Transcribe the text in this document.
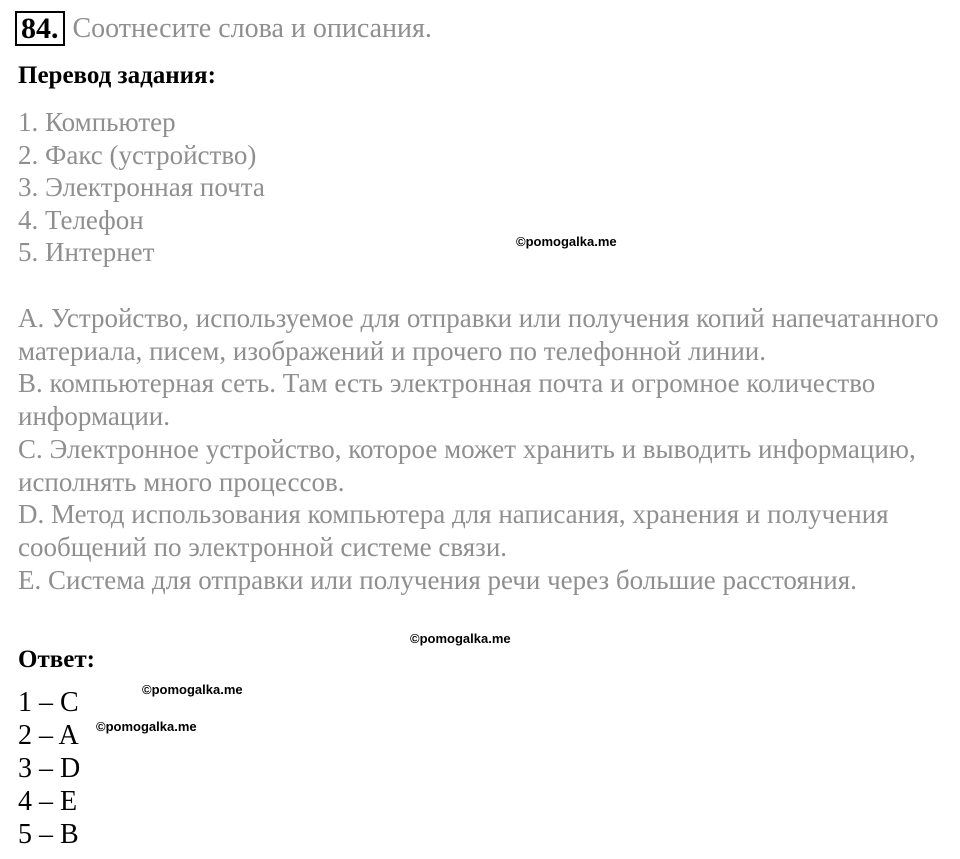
84. Соотнесите слова и описания.
Перевод задания:
1. Компьютер
2. Факс (устройство)
3. Электронная почта
4. Телефон
5. Интернет

A. Устройство, используемое для отправки или получения копий напечатанного материала, писем, изображений и прочего по телефонной линии.

B. компьютерная сеть. Там есть электронная почта и огромное количество информации.

C. Электронное устройство, которое может хранить и выводить информацию, исполнять много процессов.

D. Метод использования компьютера для написания, хранения и получения сообщений по электронной системе связи.

E. Система для отправки или получения речи через большие расстояния.

Ответ:
1 – C
2 – A
3 – D
4 – E
5 – B
©pomogalka.me
©pomogalka.me
©pomogalka.me
©pomogalka.me
